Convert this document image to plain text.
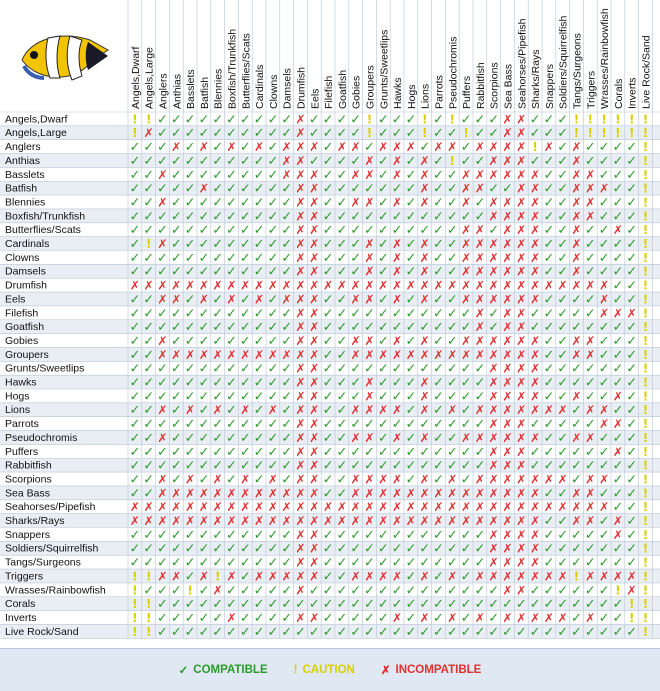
Angels,Dwarf Angels,Large Anglers Anthias Basslets Batfish Blennies Boxfish/Trunkfish Butterflies/Scats Cardinals Clowns Damsels Drumfish Eels Filefish Goatfish Gobies Groupers Grunts/Sweetlips Hawks Hogs Lions Parrots Pseudochromis Puffers Rabbitfish Scorpions Sea Bass Seahorses/Pipefish Sharks/Rays Snappers Soldiers/Squirrelfish Tangs/Surgeons Triggers Wrasses/Rainbowfish Corals Inverts Live Rock/Sand
Angels,Dwarf
Angels,Large
Anglers
Anthias
Basslets
Batfish
Blennies
Boxfish/Trunkfish
Butterflies/Scats
Cardinals
Clowns
Damsels
Drumfish
Eels
Filefish
Goatfish
Gobies
Groupers
Grunts/Sweetlips
Hawks
Hogs
Lions
Parrots
Pseudochromis
Puffers
Rabbitfish
Scorpions
Sea Bass
Seahorses/Pipefish
Sharks/Rays
Snappers
Soldiers/Squirrelfish
Tangs/Surgeons
Triggers
Wrasses/Rainbowfish
Corals
Inverts
Live Rock/Sand
! ! ✓ ✓ ✓ ✓ ✓ ✓ ✓ ✓ ✓ ✓ ✗ ✓ ✓ ✓ ✓ ! ✓ ✓ ✓ ! ✓ ! ✓ ✓ ✓ ✗ ✗ ✓ ✓ ✓ ! ! ! ! ! !
! ✗ ✓ ✓ ✓ ✓ ✓ ✓ ✓ ✓ ✓ ✓ ✗ ✓ ✓ ✓ ✓ ! ✓ ✓ ✓ ! ✓ ✓ ! ✓ ✓ ✗ ✗ ✓ ✓ ✓ ! ! ! ! ! !
✓ ✓ ✓ ✗ ✓ ✗ ✓ ✗ ✓ ✗ ✓ ✗ ✗ ✗ ✓ ✗ ✗ ✓ ✗ ✗ ✗ ✓ ✗ ✗ ✓ ✗ ✗ ✗ ✗ ! ✗ ✓ ✗ ✓ ✓ ✓ ✓ !
✓ ✓ ✓ ✓ ✓ ✓ ✓ ✓ ✓ ✓ ✓ ✗ ✗ ✓ ✓ ✓ ✓ ✗ ✓ ✗ ✓ ✗ ✓ ! ✓ ✓ ✗ ✗ ✗ ✓ ✓ ✓ ✗ ✓ ✓ ✓ ✓ !
✓ ✓ ✗ ✓ ✓ ✓ ✓ ✓ ✓ ✓ ✓ ✗ ✗ ✗ ✓ ✓ ✗ ✗ ✓ ✗ ✓ ✗ ✓ ✓ ✗ ✗ ✗ ✗ ✗ ✗ ✓ ✓ ✗ ✗ ✓ ✓ ✓ !
✓ ✓ ✓ ✓ ✓ ✗ ✓ ✓ ✓ ✓ ✓ ✓ ✗ ✗ ✓ ✓ ✓ ✓ ✓ ✓ ✓ ✗ ✓ ✓ ✗ ✗ ✓ ✓ ✗ ✗ ✓ ✓ ✗ ✗ ✗ ✓ ✓ !
✓ ✓ ✗ ✓ ✓ ✓ ✓ ✓ ✓ ✓ ✓ ✓ ✗ ✗ ✓ ✓ ✗ ✗ ✓ ✗ ✓ ✗ ✓ ✓ ✗ ✓ ✗ ✗ ✗ ✗ ✓ ✓ ✗ ✗ ✓ ✓ ✓ !
✓ ✓ ✓ ✓ ✓ ✓ ✓ ✓ ✓ ✓ ✓ ✓ ✗ ✗ ✓ ✓ ✓ ✓ ✓ ✓ ✓ ✓ ✓ ✓ ✓ ✓ ✗ ✗ ✗ ✗ ✓ ✓ ✗ ✗ ✓ ✓ ✓ !
✓ ✓ ✓ ✓ ✓ ✓ ✓ ✓ ✓ ✓ ✓ ✓ ✗ ✗ ✓ ✓ ✓ ✓ ✓ ✓ ✓ ✓ ✓ ✓ ✗ ✗ ✓ ✗ ✗ ✗ ✓ ✓ ✗ ✓ ✓ ✗ ✓ !
✓ ! ✗ ✓ ✓ ✓ ✓ ✓ ✓ ✓ ✓ ✓ ✗ ✗ ✓ ✓ ✓ ✗ ✓ ✗ ✓ ✗ ✓ ✓ ✗ ✗ ✗ ✗ ✗ ✗ ✓ ✓ ✗ ✓ ✓ ✓ ✓ !
✓ ✓ ✓ ✓ ✓ ✓ ✓ ✓ ✓ ✓ ✓ ✓ ✗ ✗ ✓ ✓ ✓ ✗ ✓ ✗ ✓ ✗ ✓ ✓ ✗ ✗ ✗ ✗ ✗ ✗ ✓ ✓ ✗ ✓ ✓ ✓ ✓ !
✓ ✓ ✓ ✓ ✓ ✓ ✓ ✓ ✓ ✓ ✓ ✓ ✗ ✗ ✓ ✓ ✓ ✗ ✓ ✗ ✓ ✗ ✓ ✓ ✗ ✗ ✗ ✗ ✗ ✗ ✓ ✓ ✗ ✓ ✓ ✓ ✓ !
✗ ✗ ✗ ✗ ✗ ✗ ✗ ✗ ✗ ✗ ✗ ✗ ✗ ✗ ✗ ✗ ✗ ✗ ✗ ✗ ✗ ✗ ✗ ✗ ✗ ✗ ✗ ✗ ✗ ✗ ✗ ✗ ✗ ✗ ✗ ✓ ✓ !
✓ ✓ ✗ ✗ ✓ ✗ ✓ ✗ ✓ ✗ ✓ ✗ ✗ ✗ ✓ ✓ ✗ ✗ ✓ ✗ ✓ ✗ ✓ ✓ ✗ ✗ ✗ ✗ ✗ ✗ ✓ ✓ ✓ ✓ ✗ ✓ ✓ !
✓ ✓ ✓ ✓ ✓ ✓ ✓ ✓ ✓ ✓ ✓ ✓ ✗ ✗ ✓ ✓ ✓ ✓ ✓ ✓ ✓ ✓ ✓ ✓ ✓ ✗ ✓ ✗ ✗ ✓ ✓ ✓ ✓ ✓ ✗ ✗ ✗ !
✓ ✓ ✓ ✓ ✓ ✓ ✓ ✓ ✓ ✓ ✓ ✓ ✗ ✗ ✓ ✓ ✓ ✓ ✓ ✓ ✓ ✓ ✓ ✓ ✓ ✗ ✓ ✗ ✗ ✓ ✓ ✓ ✓ ✓ ✓ ✓ ✓ !
✓ ✓ ✗ ✓ ✓ ✓ ✓ ✓ ✓ ✓ ✓ ✓ ✗ ✗ ✓ ✓ ✗ ✗ ✓ ✗ ✓ ✗ ✓ ✓ ✗ ✗ ✗ ✗ ✗ ✗ ✓ ✓ ✗ ✗ ✓ ✓ ✓ !
✓ ✓ ✗ ✗ ✗ ✗ ✗ ✗ ✗ ✗ ✗ ✗ ✗ ✗ ✓ ✓ ✗ ✗ ✗ ✗ ✗ ✗ ✗ ✗ ✗ ✗ ✗ ✗ ✗ ✗ ✓ ✓ ✗ ✗ ✓ ✓ ✓ !
✓ ✓ ✓ ✓ ✓ ✓ ✓ ✓ ✓ ✓ ✓ ✓ ✗ ✗ ✓ ✓ ✓ ✓ ✓ ✓ ✓ ✓ ✓ ✓ ✓ ✓ ✗ ✗ ✗ ✗ ✓ ✓ ✓ ✓ ✓ ✓ ✓ !
✓ ✓ ✓ ✓ ✓ ✓ ✓ ✓ ✓ ✓ ✓ ✓ ✗ ✗ ✓ ✓ ✓ ✗ ✓ ✓ ✓ ✗ ✓ ✓ ✓ ✓ ✗ ✗ ✗ ✗ ✓ ✓ ✓ ✓ ✓ ✓ ✓ !
✓ ✓ ✓ ✓ ✓ ✓ ✓ ✓ ✓ ✓ ✓ ✓ ✗ ✗ ✓ ✓ ✓ ✗ ✓ ✓ ✓ ✗ ✓ ✓ ✓ ✓ ✗ ✗ ✗ ✗ ✓ ✓ ✗ ✓ ✓ ✗ ✓ !
✓ ✓ ✗ ✓ ✗ ✓ ✗ ✓ ✗ ✓ ✗ ✓ ✗ ✗ ✓ ✓ ✗ ✗ ✗ ✗ ✓ ✗ ✓ ✗ ✓ ✗ ✗ ✗ ✗ ✗ ✗ ✗ ✓ ✗ ✗ ✓ ✓ !
✓ ✓ ✓ ✓ ✓ ✓ ✓ ✓ ✓ ✓ ✓ ✓ ✗ ✗ ✓ ✓ ✓ ✓ ✓ ✓ ✓ ✓ ✓ ✓ ✓ ✓ ✗ ✗ ✗ ✓ ✓ ✓ ✓ ✓ ✗ ✗ ✓ !
✓ ✓ ✗ ✓ ✓ ✓ ✓ ✓ ✓ ✓ ✓ ✓ ✗ ✗ ✓ ✓ ✗ ✗ ✓ ✗ ✓ ✗ ✓ ✓ ✗ ✗ ✗ ✗ ✗ ✗ ✓ ✓ ✗ ✗ ✓ ✓ ✓ !
✓ ✓ ✓ ✓ ✓ ✓ ✓ ✓ ✓ ✓ ✓ ✓ ✗ ✗ ✓ ✓ ✓ ✓ ✓ ✓ ✓ ✓ ✓ ✓ ✓ ✓ ✗ ✗ ✗ ✓ ✓ ✓ ✓ ✓ ✓ ✗ ✓ !
✓ ✓ ✓ ✓ ✓ ✓ ✓ ✓ ✓ ✓ ✓ ✓ ✗ ✗ ✓ ✓ ✓ ✓ ✓ ✓ ✓ ✓ ✓ ✓ ✓ ✓ ✗ ✗ ✗ ✓ ✓ ✓ ✓ ✓ ✓ ✓ ✓ !
✓ ✓ ✗ ✓ ✗ ✓ ✗ ✓ ✗ ✓ ✗ ✓ ✗ ✗ ✓ ✓ ✗ ✗ ✗ ✗ ✓ ✗ ✓ ✗ ✓ ✗ ✗ ✗ ✗ ✗ ✗ ✗ ✓ ✗ ✗ ✓ ✓ !
✓ ✓ ✗ ✗ ✗ ✗ ✗ ✗ ✗ ✗ ✗ ✗ ✗ ✗ ✓ ✓ ✗ ✗ ✗ ✗ ✗ ✗ ✗ ✗ ✗ ✗ ✗ ✗ ✗ ✗ ✓ ✓ ✗ ✗ ✓ ✓ ✓ !
✗ ✗ ✗ ✗ ✗ ✗ ✗ ✗ ✗ ✗ ✗ ✗ ✗ ✗ ✗ ✗ ✗ ✗ ✗ ✗ ✗ ✗ ✗ ✗ ✗ ✗ ✗ ✗ ✗ ✗ ✗ ✗ ✗ ✗ ✗ ✓ ✓ !
✗ ✗ ✗ ✗ ✗ ✗ ✗ ✗ ✗ ✗ ✗ ✗ ✗ ✗ ✗ ✗ ✗ ✗ ✗ ✗ ✗ ✗ ✗ ✗ ✗ ✗ ✗ ✗ ✗ ✗ ✓ ✓ ✗ ✗ ✓ ✗ ✓ !
✓ ✓ ✓ ✓ ✓ ✓ ✓ ✓ ✓ ✓ ✓ ✓ ✗ ✗ ✓ ✓ ✓ ✓ ✓ ✓ ✓ ✓ ✓ ✓ ✓ ✓ ✗ ✗ ✗ ✗ ✓ ✓ ✓ ✓ ✓ ✗ ✓ !
✓ ✓ ✓ ✓ ✓ ✓ ✓ ✓ ✓ ✓ ✓ ✓ ✗ ✗ ✓ ✓ ✓ ✓ ✓ ✓ ✓ ✓ ✓ ✓ ✓ ✓ ✗ ✗ ✗ ✗ ✓ ✓ ✓ ✓ ✓ ✓ ✓ !
✓ ✓ ✓ ✓ ✓ ✓ ✓ ✓ ✓ ✓ ✓ ✓ ✗ ✗ ✓ ✓ ✓ ✓ ✓ ✓ ✓ ✓ ✓ ✓ ✓ ✓ ✗ ✗ ✗ ✗ ✓ ✓ ✓ ✓ ✓ ✓ ✓ !
! ! ✗ ✗ ✓ ✗ ! ✗ ✓ ✗ ✗ ✗ ✗ ✗ ✓ ✓ ✗ ✗ ✗ ✗ ✓ ✗ ✓ ✗ ✓ ✗ ✗ ✗ ✗ ✗ ✗ ✗ ! ✗ ✗ ✗ ✗ !
! ✓ ✓ ✓ ! ✓ ✗ ✓ ✓ ✓ ✓ ✓ ✗ ✓ ✓ ✓ ✓ ✓ ✓ ✓ ✓ ✓ ✓ ✓ ✓ ✓ ✓ ✗ ✗ ✓ ✓ ✓ ✓ ✓ ✓ ! ✗ !
! ! ✓ ✓ ✓ ✓ ✓ ✓ ✓ ✓ ✓ ✓ ✓ ✓ ✓ ✓ ✓ ✓ ✓ ✓ ✓ ✓ ✓ ✓ ✓ ✓ ✓ ✓ ✓ ✓ ✓ ✓ ✓ ✓ ✓ ✓ ! !
! ! ✓ ✓ ✓ ✓ ✓ ✗ ✓ ✓ ✓ ✓ ✗ ✗ ✓ ✓ ✓ ✓ ✓ ✗ ✓ ✗ ✓ ✗ ✓ ✗ ✓ ✗ ✗ ✗ ✗ ✗ ✓ ✗ ✓ ✓ ! !
! ! ✓ ✓ ✓ ✓ ✓ ✓ ✓ ✓ ✓ ✓ ✓ ✓ ✓ ✓ ✓ ✓ ✓ ✓ ✓ ✓ ✓ ✓ ✓ ✓ ✓ ✓ ✓ ✓ ✓ ✓ ✓ ✓ ✓ ✓ ✓ !
✓ COMPATIBLE ! CAUTION ✗ INCOMPATIBLE
